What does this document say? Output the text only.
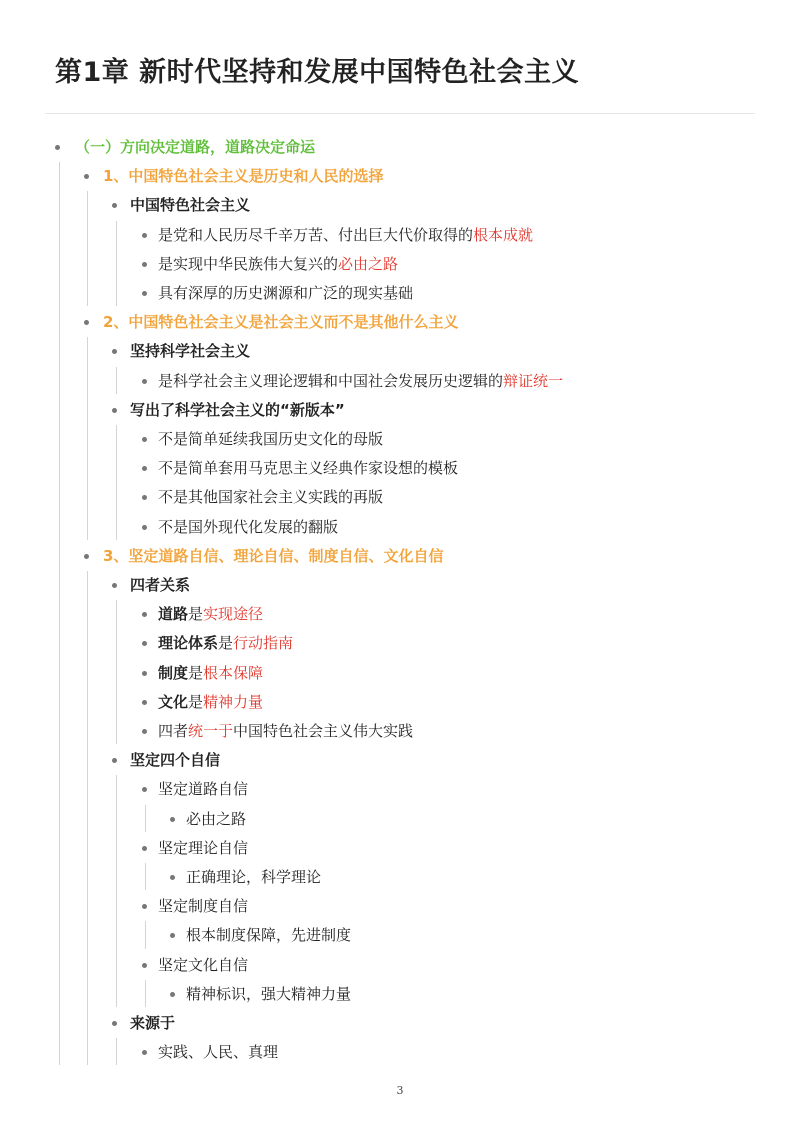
第1章 新时代坚持和发展中国特色社会主义
（一）方向决定道路，道路决定命运
1、中国特色社会主义是历史和人民的选择
中国特色社会主义
是党和人民历尽千辛万苦、付出巨大代价取得的根本成就
是实现中华民族伟大复兴的必由之路
具有深厚的历史渊源和广泛的现实基础
2、中国特色社会主义是社会主义而不是其他什么主义
坚持科学社会主义
是科学社会主义理论逻辑和中国社会发展历史逻辑的辩证统一
写出了科学社会主义的“新版本”
不是简单延续我国历史文化的母版
不是简单套用马克思主义经典作家设想的模板
不是其他国家社会主义实践的再版
不是国外现代化发展的翻版
3、坚定道路自信、理论自信、制度自信、文化自信
四者关系
道路是实现途径
理论体系是行动指南
制度是根本保障
文化是精神力量
四者统一于中国特色社会主义伟大实践
坚定四个自信
坚定道路自信
必由之路
坚定理论自信
正确理论，科学理论
坚定制度自信
根本制度保障，先进制度
坚定文化自信
精神标识，强大精神力量
来源于
实践、人民、真理
3
